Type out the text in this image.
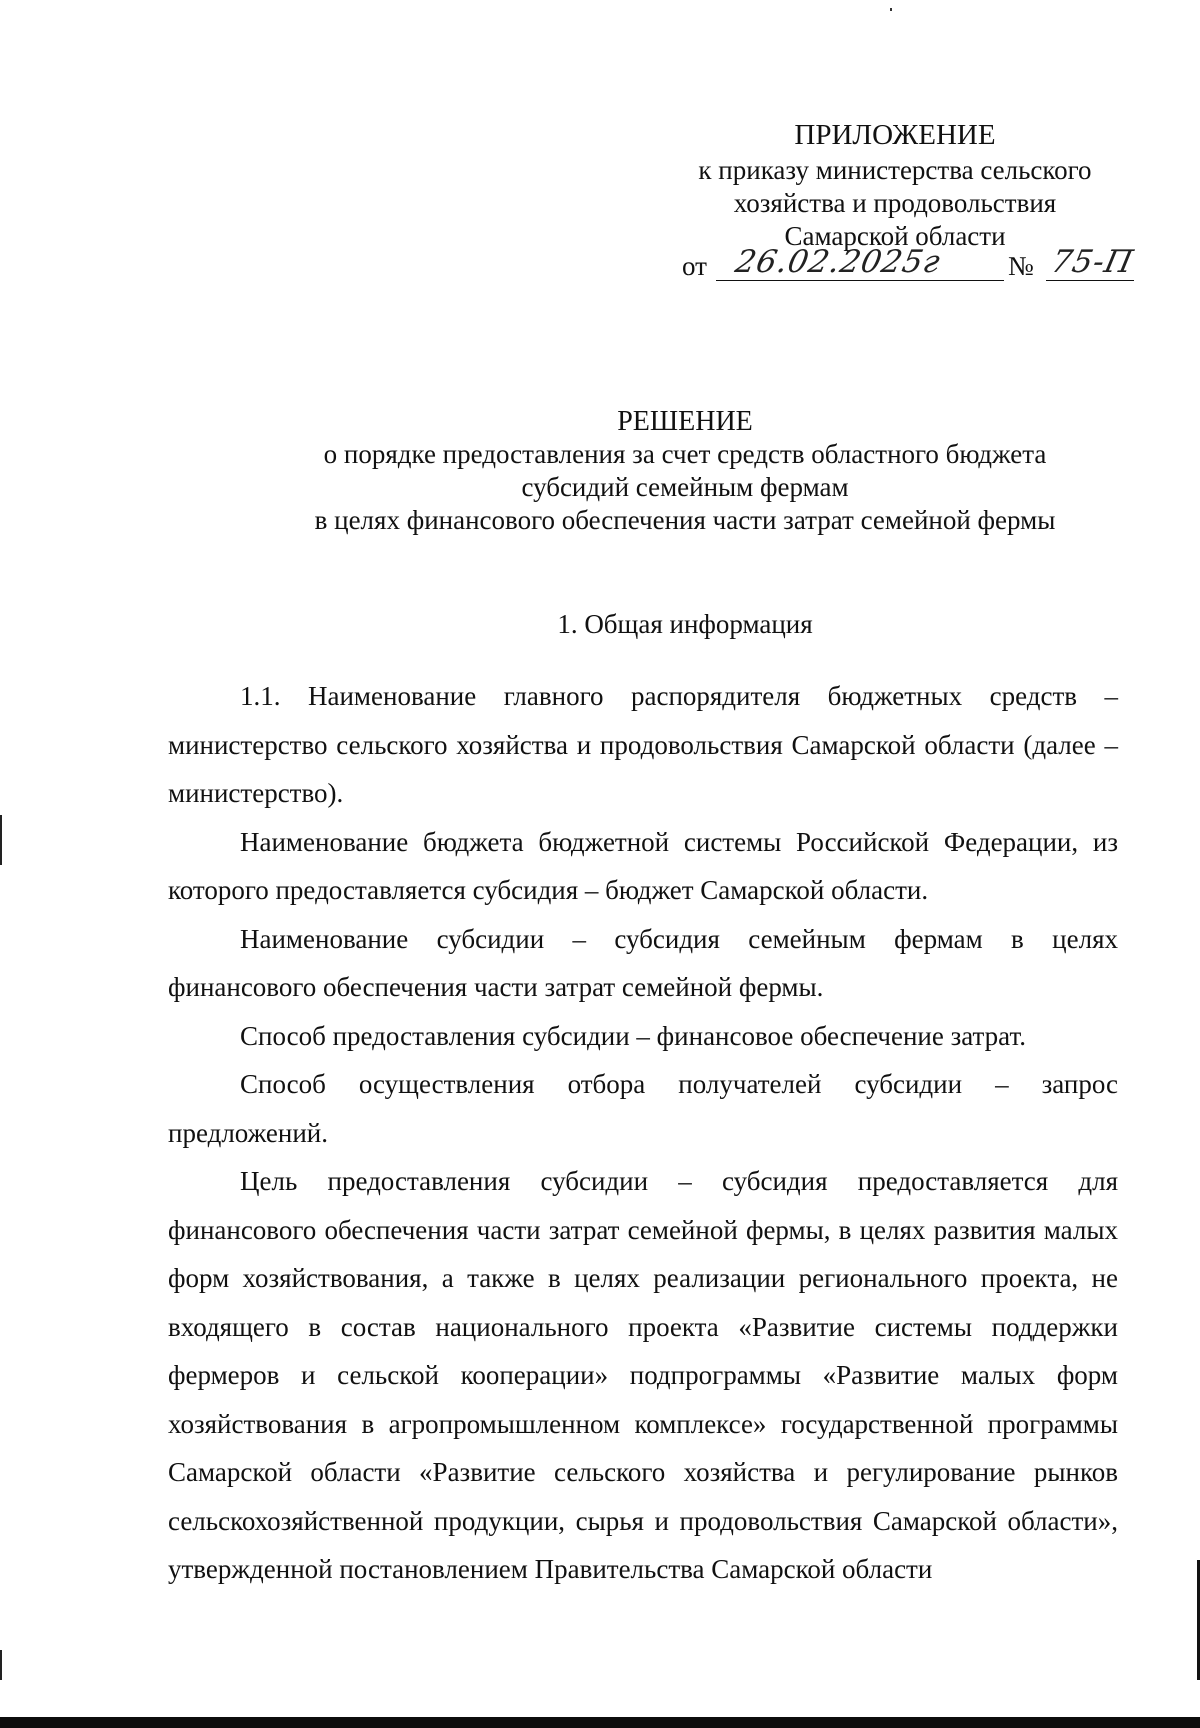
ПРИЛОЖЕНИЕ
к приказу министерства сельского
хозяйства и продовольствия
Самарской области
от 26.02.2025г № 75-П
РЕШЕНИЕ
о порядке предоставления за счет средств областного бюджета
субсидий семейным фермам
в целях финансового обеспечения части затрат семейной фермы
1. Общая информация

1.1. Наименование главного распорядителя бюджетных средств – министерство сельского хозяйства и продовольствия Самарской области (далее – министерство).

Наименование бюджета бюджетной системы Российской Федерации, из которого предоставляется субсидия – бюджет Самарской области.

Наименование субсидии – субсидия семейным фермам в целях финансового обеспечения части затрат семейной фермы.

Способ предоставления субсидии – финансовое обеспечение затрат.

Способ осуществления отбора получателей субсидии – запрос предложений.

Цель предоставления субсидии – субсидия предоставляется для финансового обеспечения части затрат семейной фермы, в целях развития малых форм хозяйствования, а также в целях реализации регионального проекта, не входящего в состав национального проекта «Развитие системы поддержки фермеров и сельской кооперации» подпрограммы «Развитие малых форм хозяйствования в агропромышленном комплексе» государственной программы Самарской области «Развитие сельского хозяйства и регулирование рынков сельскохозяйственной продукции, сырья и продовольствия Самарской области», утвержденной постановлением Правительства Самарской области
